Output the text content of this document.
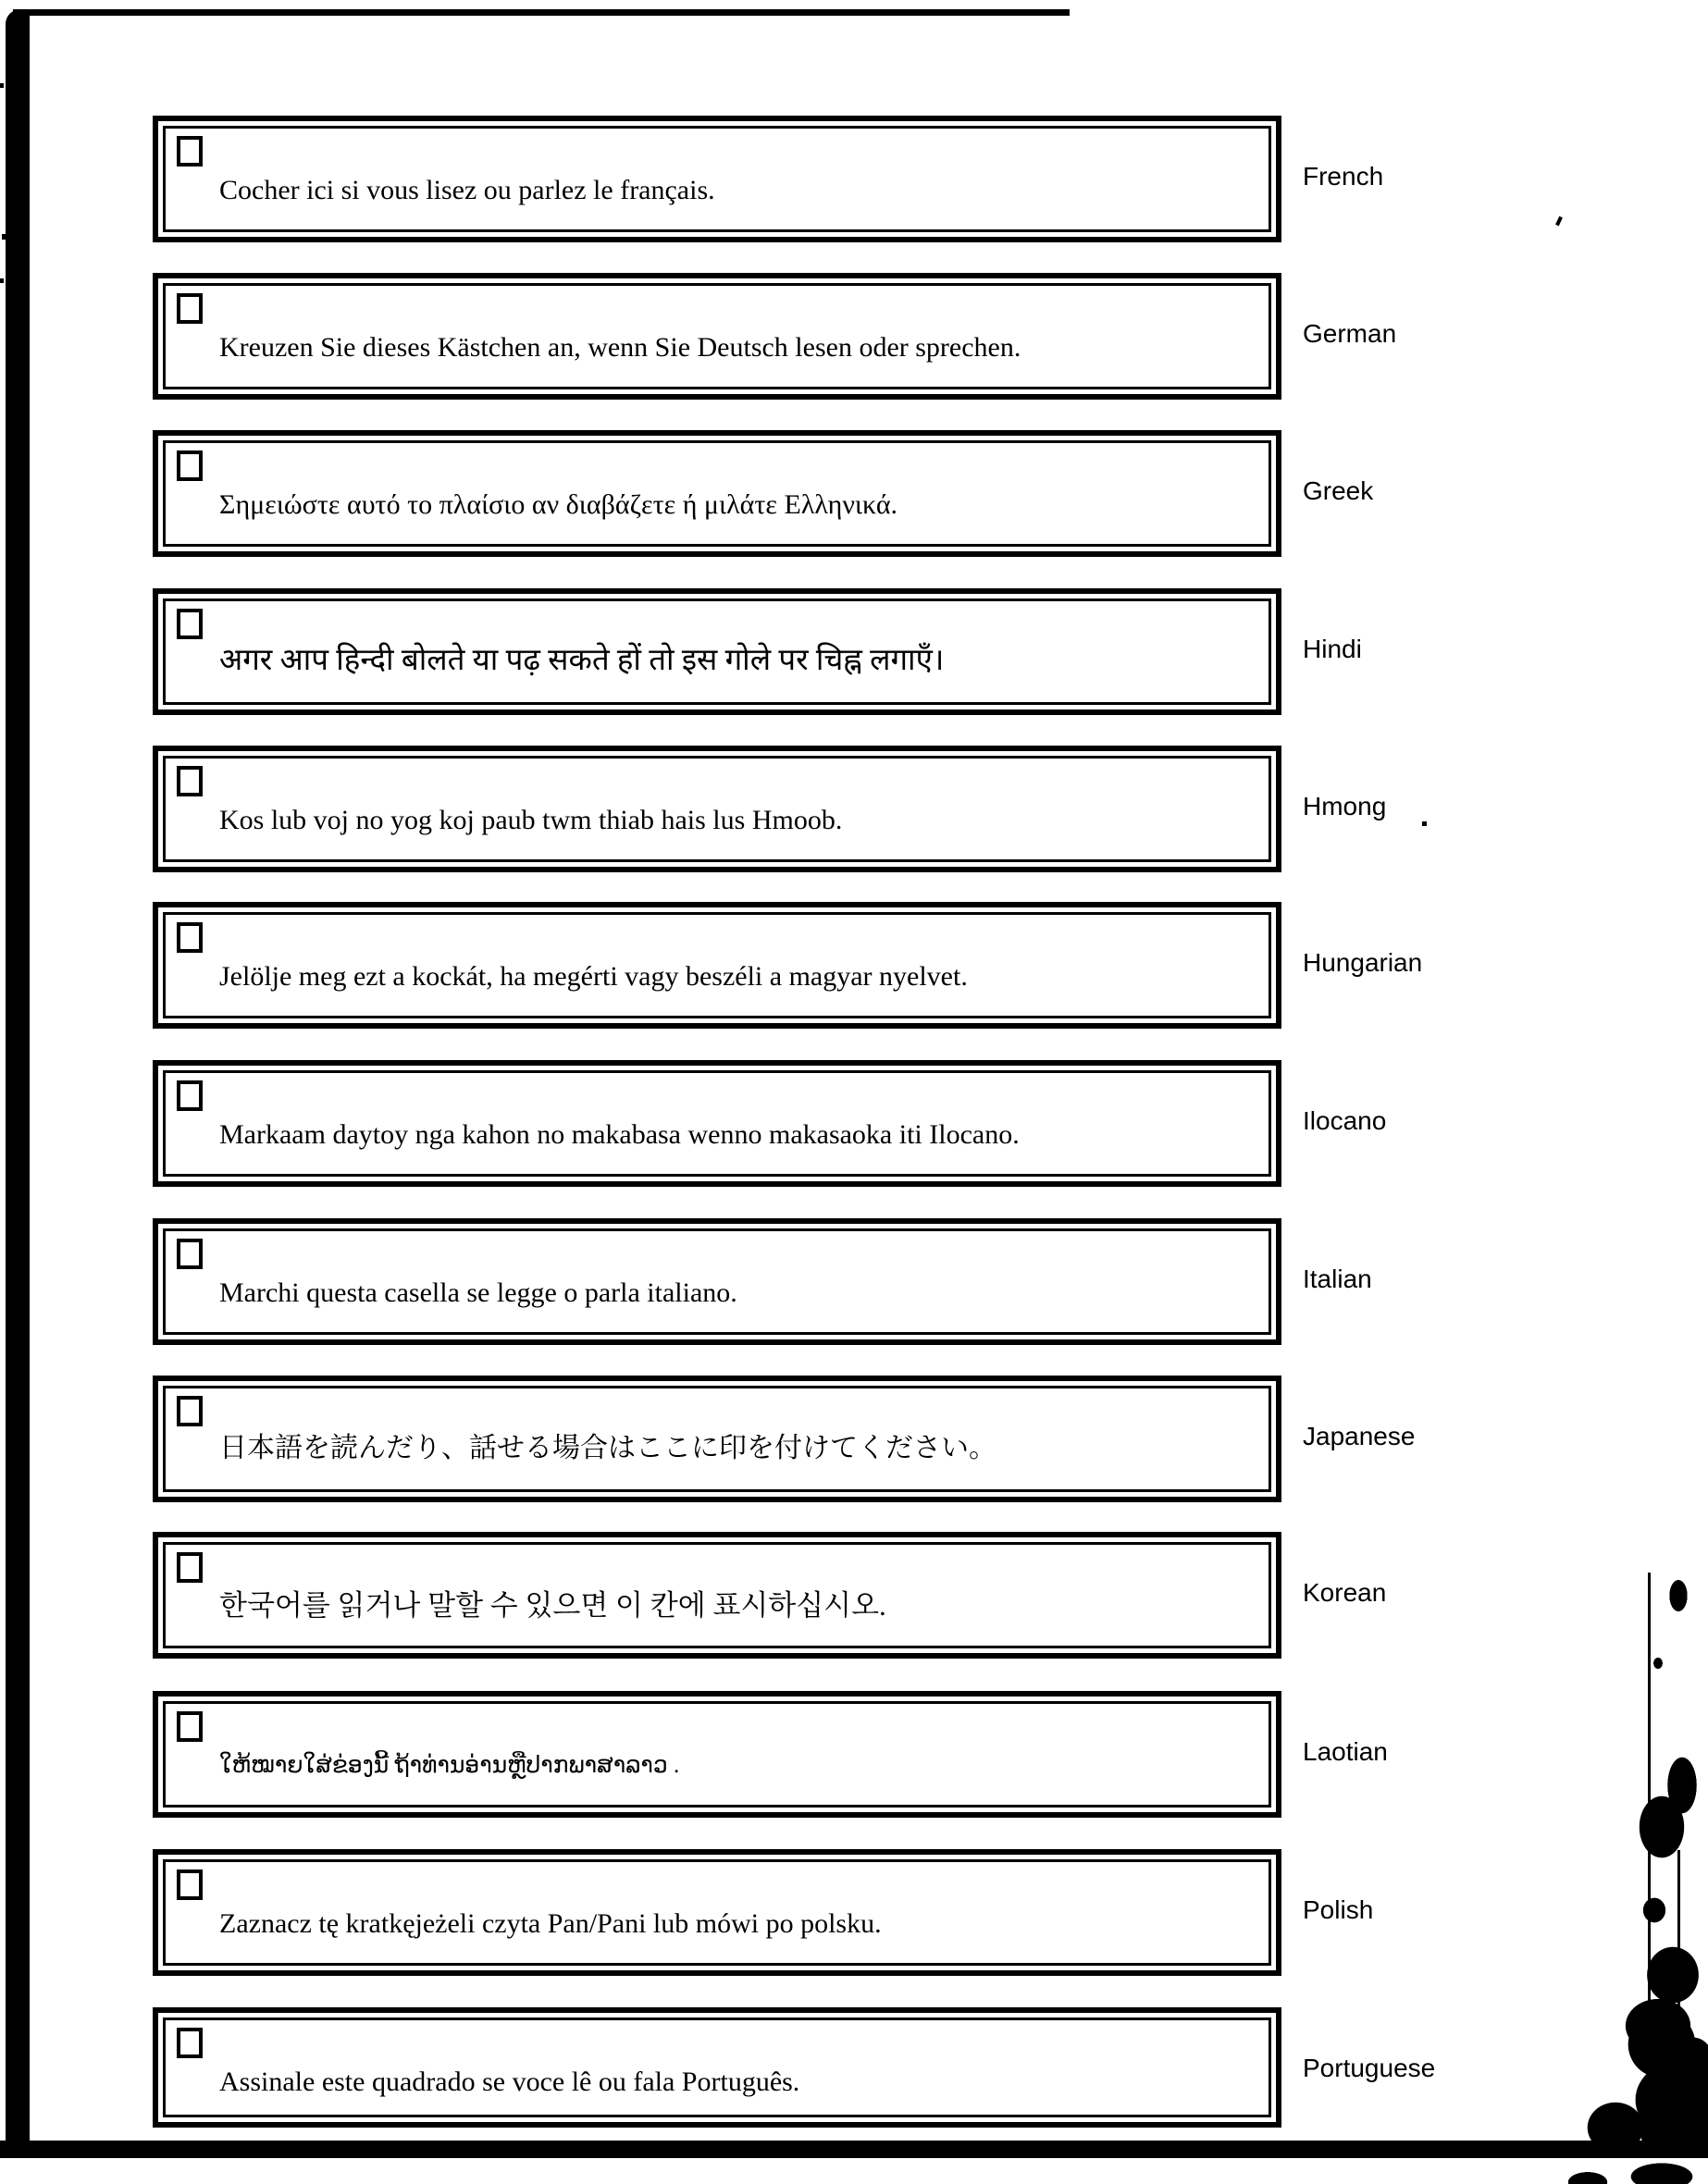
Cocher ici si vous lisez ou parlez le français.	French
Kreuzen Sie dieses Kästchen an, wenn Sie Deutsch lesen oder sprechen.	German
Σημειώστε αυτό το πλαίσιο αν διαβάζετε ή μιλάτε Ελληνικά.	Greek
अगर आप हिन्दी बोलते या पढ़ सकते हों तो इस गोले पर चिह्न लगाएँ।	Hindi
Kos lub voj no yog koj paub twm thiab hais lus Hmoob.	Hmong
Jelölje meg ezt a kockát, ha megérti vagy beszéli a magyar nyelvet.	Hungarian
Markaam daytoy nga kahon no makabasa wenno makasaoka iti Ilocano.	Ilocano
Marchi questa casella se legge o parla italiano.	Italian
日本語を読んだり、話せる場合はここに印を付けてください。	Japanese
한국어를 읽거나 말할 수 있으면 이 칸에 표시하십시오.	Korean
ໃຫ້ໝາຍໃສ່ຂ່ອງນີ້ ຖ້າທ່ານອ່ານຫຼືປາກພາສາລາວ .	Laotian
Zaznacz tę kratkęjeżeli czyta Pan/Pani lub mówi po polsku.	Polish
Assinale este quadrado se voce lê ou fala Português.	Portuguese
